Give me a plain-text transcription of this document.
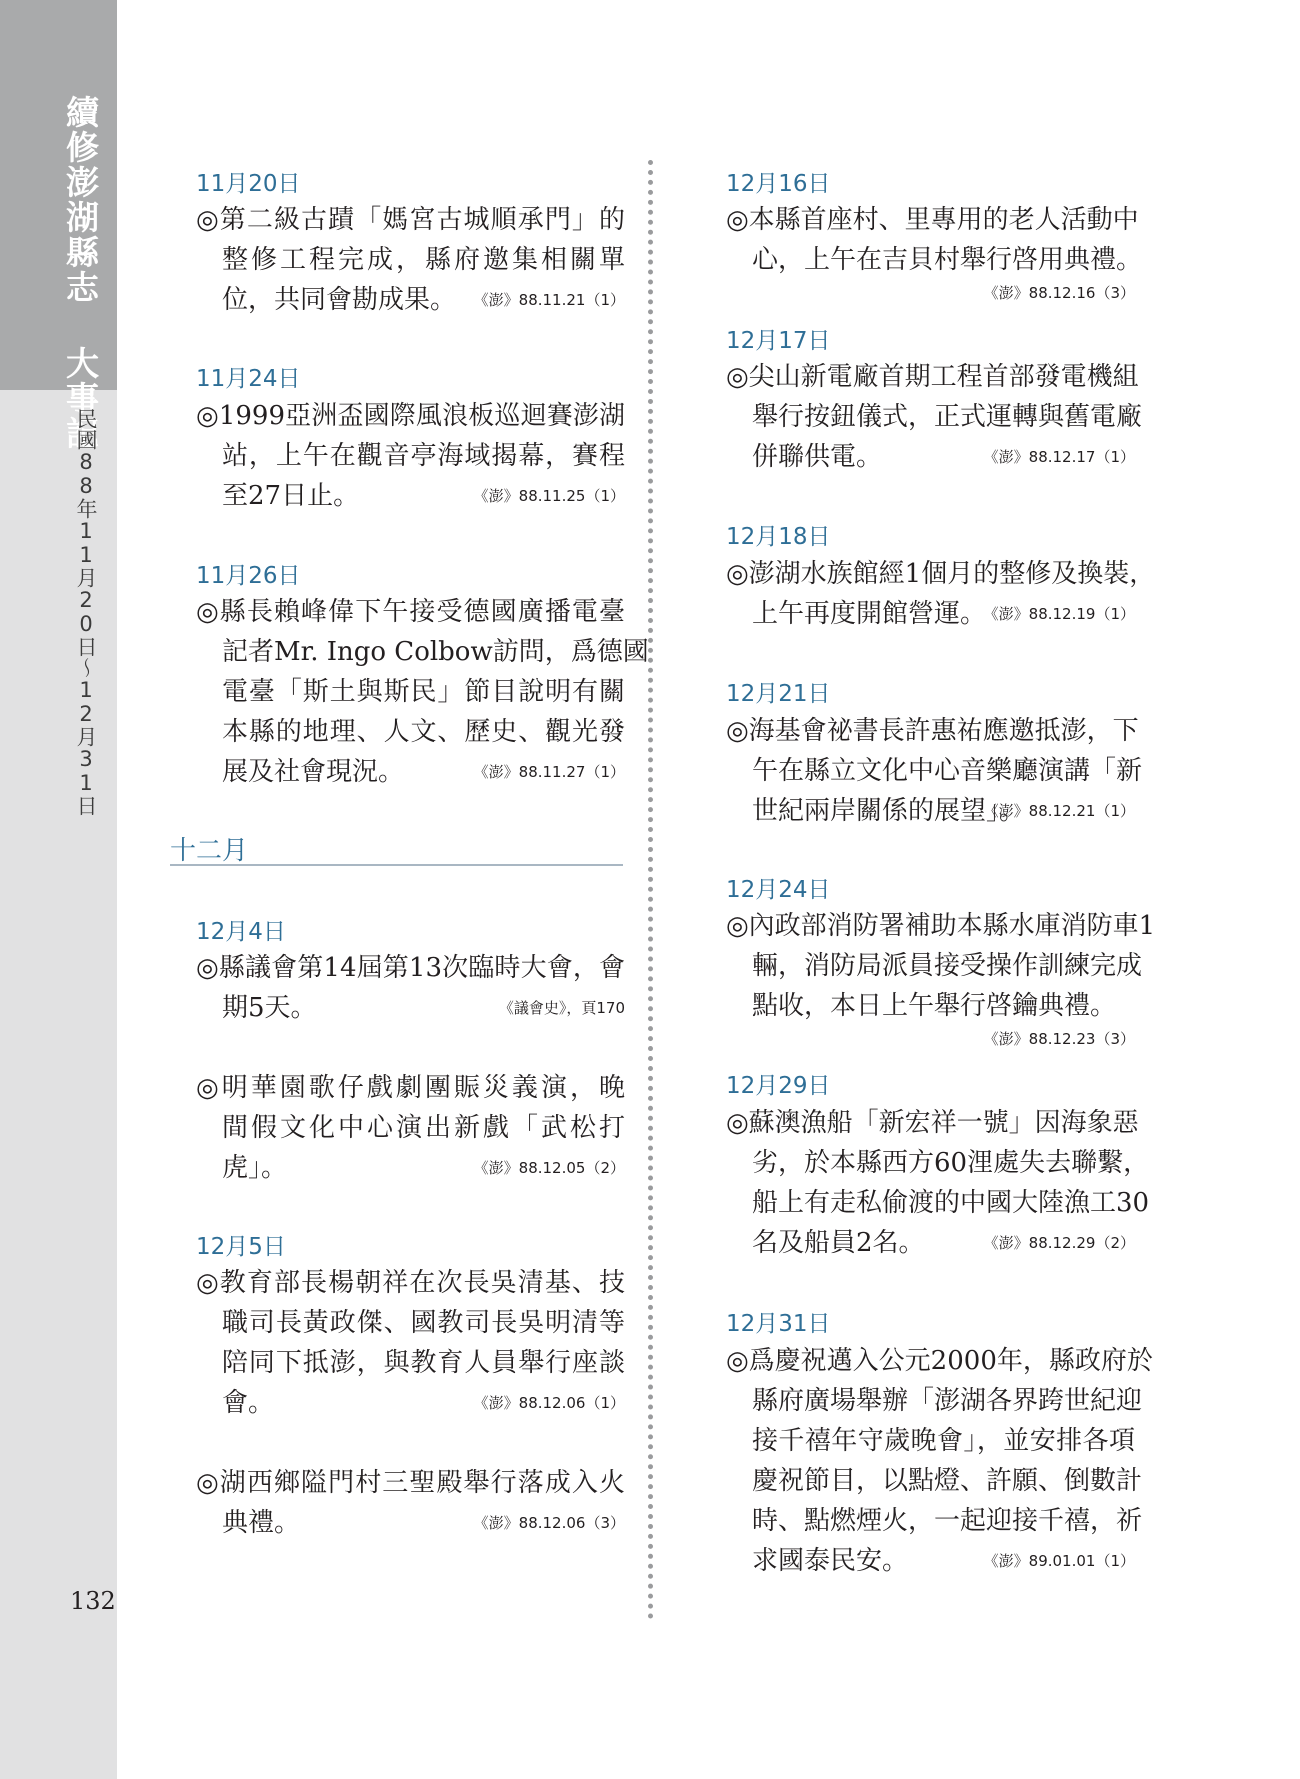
續修澎湖縣志 大事記
民國88年11月20日〜12月31日
132
十二月
11月20日
◎第二級古蹟「媽宮古城順承門」的
整修工程完成，縣府邀集相關單
《澎》88.11.21（1）
位，共同會勘成果。
11月24日
◎1999亞洲盃國際風浪板巡迴賽澎湖
站，上午在觀音亭海域揭幕，賽程
《澎》88.11.25（1）
至27日止。
11月26日
◎縣長賴峰偉下午接受德國廣播電臺
記者Mr. Ingo Colbow訪問，爲德國
電臺「斯土與斯民」節目說明有關
本縣的地理、人文、歷史、觀光發
《澎》88.11.27（1）
展及社會現況。
12月4日
◎縣議會第14屆第13次臨時大會，會
《議會史》，頁170
期5天。
◎明華園歌仔戲劇團賑災義演，晚
間假文化中心演出新戲「武松打
《澎》88.12.05（2）
虎」。
12月5日
◎教育部長楊朝祥在次長吳清基、技
職司長黃政傑、國教司長吳明清等
陪同下抵澎，與教育人員舉行座談
《澎》88.12.06（1）
會。
◎湖西鄉隘門村三聖殿舉行落成入火
《澎》88.12.06（3）
典禮。
12月16日
◎本縣首座村、里專用的老人活動中
心，上午在吉貝村舉行啓用典禮。
《澎》88.12.16（3）
12月17日
◎尖山新電廠首期工程首部發電機組
舉行按鈕儀式，正式運轉與舊電廠
《澎》88.12.17（1）
併聯供電。
12月18日
◎澎湖水族館經1個月的整修及換裝，
《澎》88.12.19（1）
上午再度開館營運。
12月21日
◎海基會祕書長許惠祐應邀抵澎，下
午在縣立文化中心音樂廳演講「新
《澎》88.12.21（1）
世紀兩岸關係的展望」。
12月24日
◎內政部消防署補助本縣水庫消防車1
輛，消防局派員接受操作訓練完成
點收，本日上午舉行啓鑰典禮。
《澎》88.12.23（3）
12月29日
◎蘇澳漁船「新宏祥一號」因海象惡
劣，於本縣西方60浬處失去聯繫，
船上有走私偷渡的中國大陸漁工30
《澎》88.12.29（2）
名及船員2名。
12月31日
◎爲慶祝邁入公元2000年，縣政府於
縣府廣場舉辦「澎湖各界跨世紀迎
接千禧年守歲晚會」，並安排各項
慶祝節目，以點燈、許願、倒數計
時、點燃煙火，一起迎接千禧，祈
《澎》89.01.01（1）
求國泰民安。
